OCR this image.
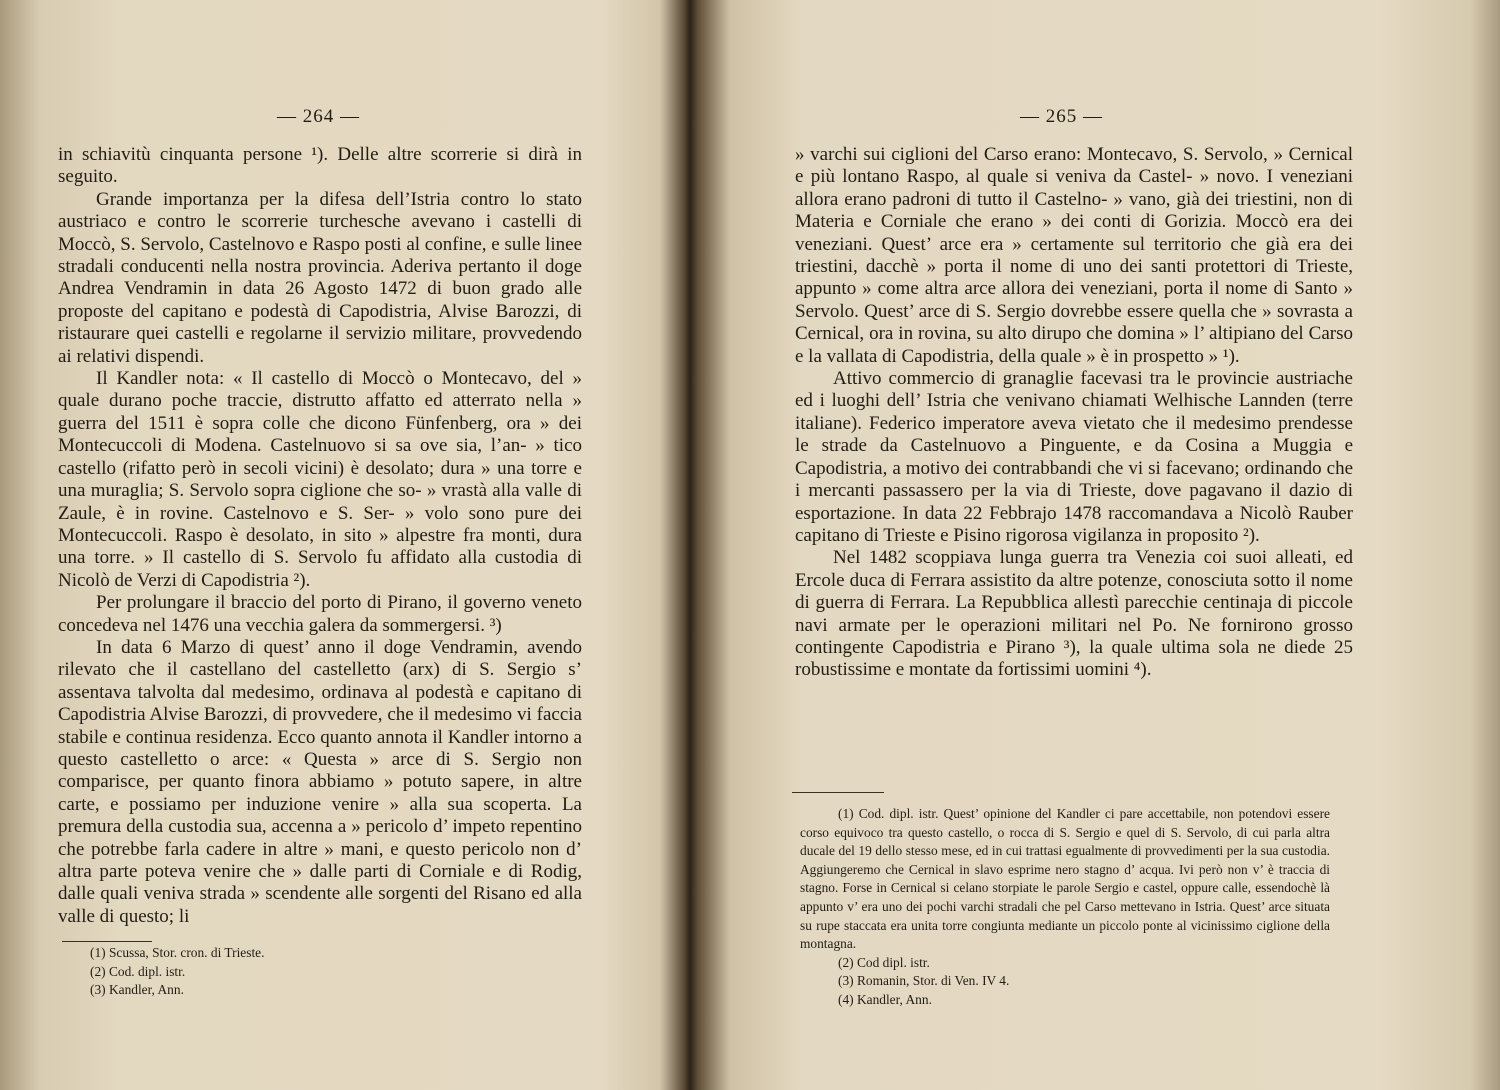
— 264 —

in schiavitù cinquanta persone ¹). Delle altre scorrerie si dirà in seguito.

Grande importanza per la difesa dell’Istria contro lo stato austriaco e contro le scorrerie turchesche avevano i castelli di Moccò, S. Servolo, Castelnovo e Raspo posti al confine, e sulle linee stradali conducenti nella nostra provincia. Aderiva pertanto il doge Andrea Vendramin in data 26 Agosto 1472 di buon grado alle proposte del capitano e podestà di Capodistria, Alvise Barozzi, di ristaurare quei castelli e regolarne il servizio militare, provvedendo ai relativi dispendi.

Il Kandler nota: « Il castello di Moccò o Montecavo, del » quale durano poche traccie, distrutto affatto ed atterrato nella » guerra del 1511 è sopra colle che dicono Fünfenberg, ora » dei Montecuccoli di Modena. Castelnuovo si sa ove sia, l’an- » tico castello (rifatto però in secoli vicini) è desolato; dura » una torre e una muraglia; S. Servolo sopra ciglione che so- » vrastà alla valle di Zaule, è in rovine. Castelnovo e S. Ser- » volo sono pure dei Montecuccoli. Raspo è desolato, in sito » alpestre fra monti, dura una torre. » Il castello di S. Servolo fu affidato alla custodia di Nicolò de Verzi di Capodistria ²).

Per prolungare il braccio del porto di Pirano, il governo veneto concedeva nel 1476 una vecchia galera da sommergersi. ³)

In data 6 Marzo di quest’ anno il doge Vendramin, avendo rilevato che il castellano del castelletto (arx) di S. Sergio s’ assentava talvolta dal medesimo, ordinava al podestà e capitano di Capodistria Alvise Barozzi, di provvedere, che il medesimo vi faccia stabile e continua residenza. Ecco quanto annota il Kandler intorno a questo castelletto o arce: « Questa » arce di S. Sergio non comparisce, per quanto finora abbiamo » potuto sapere, in altre carte, e possiamo per induzione venire » alla sua scoperta. La premura della custodia sua, accenna a » pericolo d’ impeto repentino che potrebbe farla cadere in altre » mani, e questo pericolo non d’ altra parte poteva venire che » dalle parti di Corniale e di Rodig, dalle quali veniva strada » scendente alle sorgenti del Risano ed alla valle di questo; li

(1) Scussa, Stor. cron. di Trieste.

(2) Cod. dipl. istr.

(3) Kandler, Ann.

— 265 —

» varchi sui ciglioni del Carso erano: Montecavo, S. Servolo, » Cernical e più lontano Raspo, al quale si veniva da Castel- » novo. I veneziani allora erano padroni di tutto il Castelno- » vano, già dei triestini, non di Materia e Corniale che erano » dei conti di Gorizia. Moccò era dei veneziani. Quest’ arce era » certamente sul territorio che già era dei triestini, dacchè » porta il nome di uno dei santi protettori di Trieste, appunto » come altra arce allora dei veneziani, porta il nome di Santo » Servolo. Quest’ arce di S. Sergio dovrebbe essere quella che » sovrasta a Cernical, ora in rovina, su alto dirupo che domina » l’ altipiano del Carso e la vallata di Capodistria, della quale » è in prospetto » ¹).

Attivo commercio di granaglie facevasi tra le provincie austriache ed i luoghi dell’ Istria che venivano chiamati Welhische Lannden (terre italiane). Federico imperatore aveva vietato che il medesimo prendesse le strade da Castelnuovo a Pinguente, e da Cosina a Muggia e Capodistria, a motivo dei contrabbandi che vi si facevano; ordinando che i mercanti passassero per la via di Trieste, dove pagavano il dazio di esportazione. In data 22 Febbrajo 1478 raccomandava a Nicolò Rauber capitano di Trieste e Pisino rigorosa vigilanza in proposito ²).

Nel 1482 scoppiava lunga guerra tra Venezia coi suoi alleati, ed Ercole duca di Ferrara assistito da altre potenze, conosciuta sotto il nome di guerra di Ferrara. La Repubblica allestì parecchie centinaja di piccole navi armate per le operazioni militari nel Po. Ne fornirono grosso contingente Capodistria e Pirano ³), la quale ultima sola ne diede 25 robustissime e montate da fortissimi uomini ⁴).

(1) Cod. dipl. istr. Quest’ opinione del Kandler ci pare accettabile, non potendovi essere corso equivoco tra questo castello, o rocca di S. Sergio e quel di S. Servolo, di cui parla altra ducale del 19 dello stesso mese, ed in cui trattasi egualmente di provvedimenti per la sua custodia. Aggiungeremo che Cernical in slavo esprime nero stagno d’ acqua. Ivi però non v’ è traccia di stagno. Forse in Cernical si celano storpiate le parole Sergio e castel, oppure calle, essendochè là appunto v’ era uno dei pochi varchi stradali che pel Carso mettevano in Istria. Quest’ arce situata su rupe staccata era unita torre congiunta mediante un piccolo ponte al vicinissimo ciglione della montagna.

(2) Cod dipl. istr.

(3) Romanin, Stor. di Ven. IV 4.

(4) Kandler, Ann.
